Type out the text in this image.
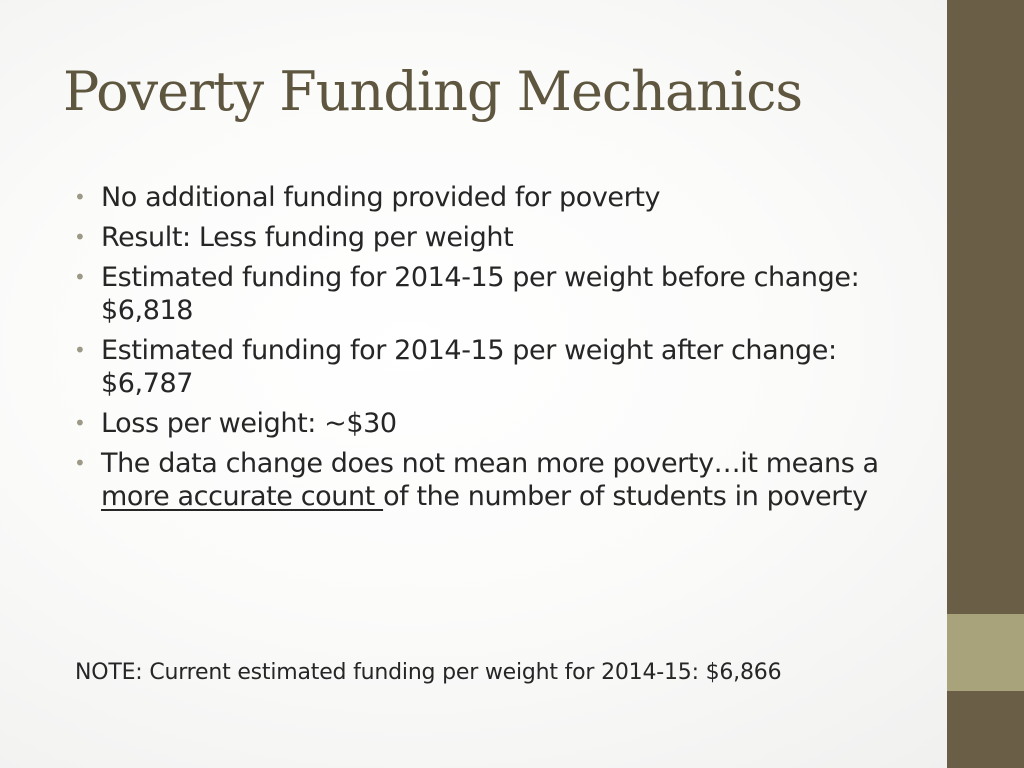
Poverty Funding Mechanics
• No additional funding provided for poverty
• Result: Less funding per weight
• Estimated funding for 2014-15 per weight before change: $6,818
• Estimated funding for 2014-15 per weight after change: $6,787
• Loss per weight: ~$30
• The data change does not mean more poverty…it means a more accurate count of the number of students in poverty

NOTE: Current estimated funding per weight for 2014-15: $6,866
